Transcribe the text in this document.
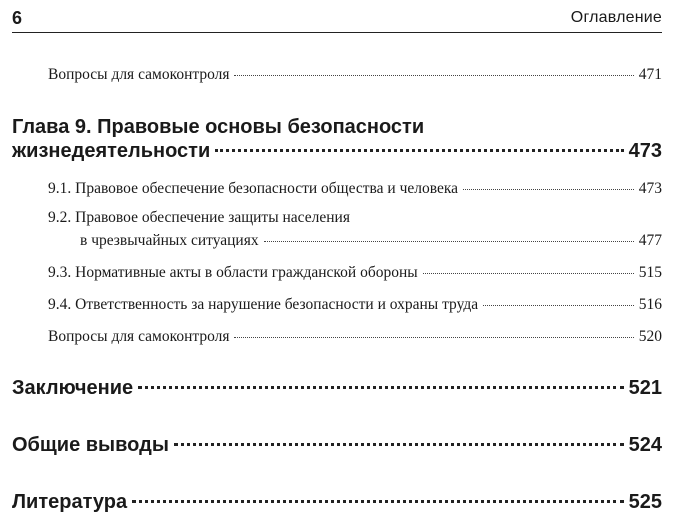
6	Оглавление
Вопросы для самоконтроля	471
Глава 9. Правовые основы безопасности
жизнедеятельности	473
9.1. Правовое обеспечение безопасности общества и человека	473
9.2. Правовое обеспечение защиты населения
в чрезвычайных ситуациях	477
9.3. Нормативные акты в области гражданской обороны	515
9.4. Ответственность за нарушение безопасности и охраны труда	516
Вопросы для самоконтроля	520
Заключение	521
Общие выводы	524
Литература	525
